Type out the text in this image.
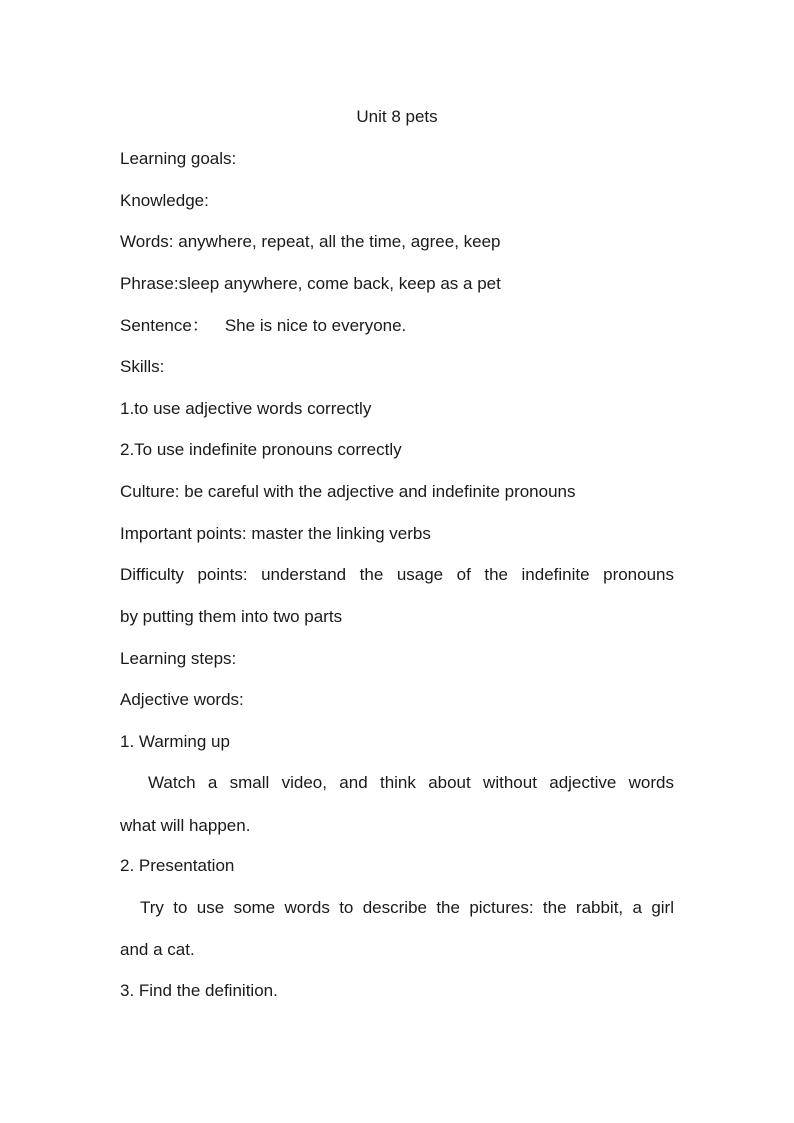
Unit 8 pets
Learning goals:
Knowledge:
Words: anywhere, repeat, all the time, agree, keep
Phrase:sleep anywhere, come back, keep as a pet
Sentence： She is nice to everyone.
Skills:
1.to use adjective words correctly
2.To use indefinite pronouns correctly
Culture: be careful with the adjective and indefinite pronouns
Important points: master the linking verbs
Difficulty points: understand the usage of the indefinite pronouns
by putting them into two parts
Learning steps:
Adjective words:
1. Warming up
Watch a small video, and think about without adjective words
what will happen.
2. Presentation
Try to use some words to describe the pictures: the rabbit, a girl
and a cat.
3. Find the definition.
